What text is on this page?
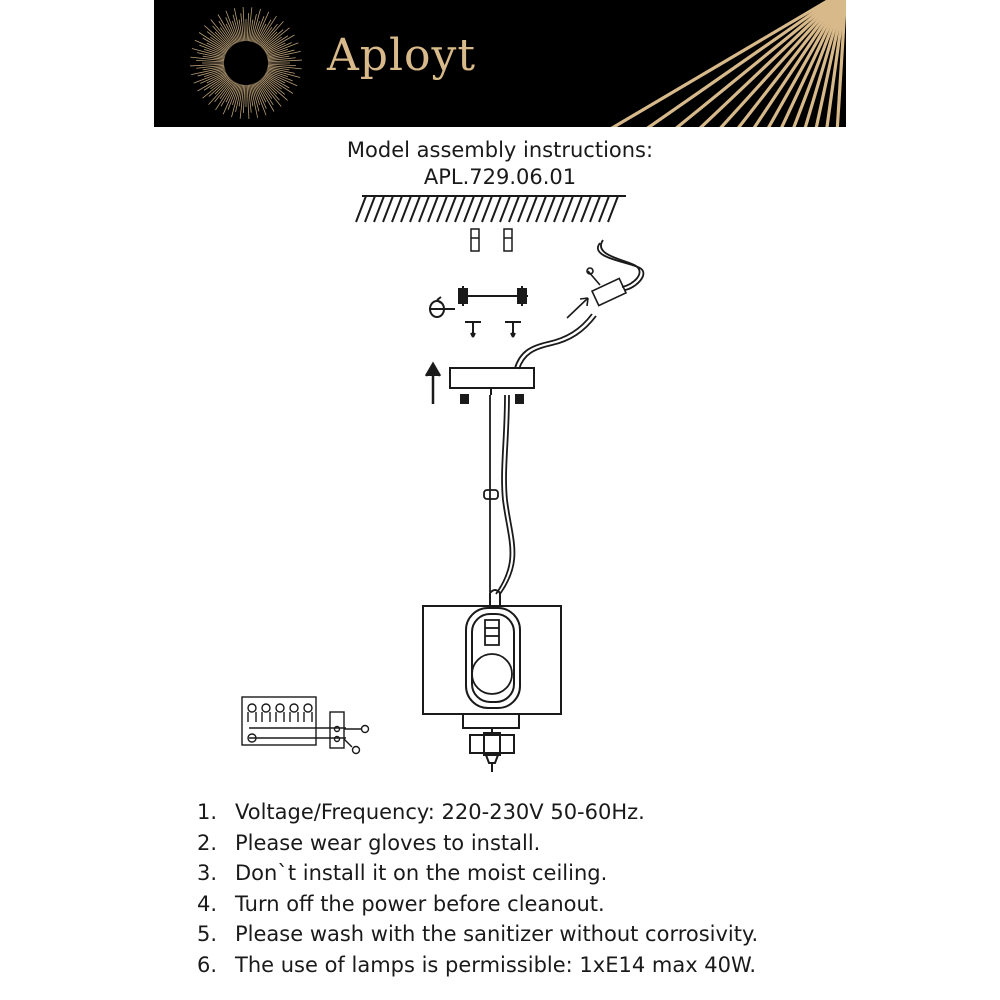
Aployt
Model assembly instructions:
APL.729.06.01
1. Voltage/Frequency: 220-230V 50-60Hz.
2. Please wear gloves to install.
3. Don`t install it on the moist ceiling.
4. Turn off the power before cleanout.
5. Please wash with the sanitizer without corrosivity.
6. The use of lamps is permissible: 1xE14 max 40W.
